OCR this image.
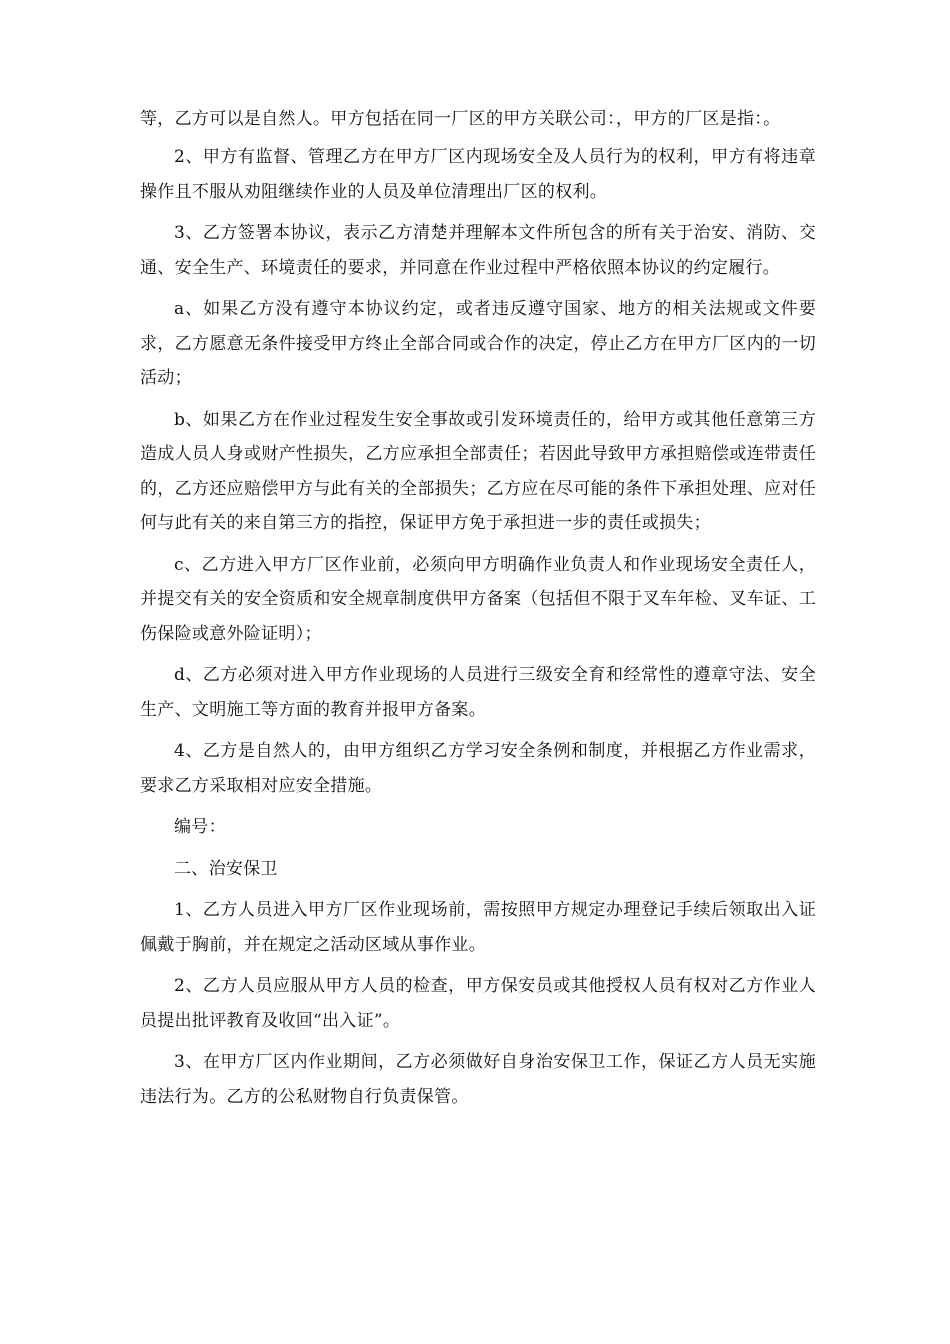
等，乙方可以是自然人。甲方包括在同一厂区的甲方关联公司：，甲方的厂区是指：。

2、甲方有监督、管理乙方在甲方厂区内现场安全及人员行为的权利，甲方有将违章操作且不服从劝阻继续作业的人员及单位清理出厂区的权利。

3、乙方签署本协议，表示乙方清楚并理解本文件所包含的所有关于治安、消防、交通、安全生产、环境责任的要求，并同意在作业过程中严格依照本协议的约定履行。

a、如果乙方没有遵守本协议约定，或者违反遵守国家、地方的相关法规或文件要求，乙方愿意无条件接受甲方终止全部合同或合作的决定，停止乙方在甲方厂区内的一切活动；

b、如果乙方在作业过程发生安全事故或引发环境责任的，给甲方或其他任意第三方造成人员人身或财产性损失，乙方应承担全部责任；若因此导致甲方承担赔偿或连带责任的，乙方还应赔偿甲方与此有关的全部损失；乙方应在尽可能的条件下承担处理、应对任何与此有关的来自第三方的指控，保证甲方免于承担进一步的责任或损失；

c、乙方进入甲方厂区作业前，必须向甲方明确作业负责人和作业现场安全责任人，并提交有关的安全资质和安全规章制度供甲方备案（包括但不限于叉车年检、叉车证、工伤保险或意外险证明）；

d、乙方必须对进入甲方作业现场的人员进行三级安全育和经常性的遵章守法、安全生产、文明施工等方面的教育并报甲方备案。

4、乙方是自然人的，由甲方组织乙方学习安全条例和制度，并根据乙方作业需求，要求乙方采取相对应安全措施。

编号：

二、治安保卫

1、乙方人员进入甲方厂区作业现场前，需按照甲方规定办理登记手续后领取出入证佩戴于胸前，并在规定之活动区域从事作业。

2、乙方人员应服从甲方人员的检查，甲方保安员或其他授权人员有权对乙方作业人员提出批评教育及收回“出入证”。

3、在甲方厂区内作业期间，乙方必须做好自身治安保卫工作，保证乙方人员无实施违法行为。乙方的公私财物自行负责保管。
